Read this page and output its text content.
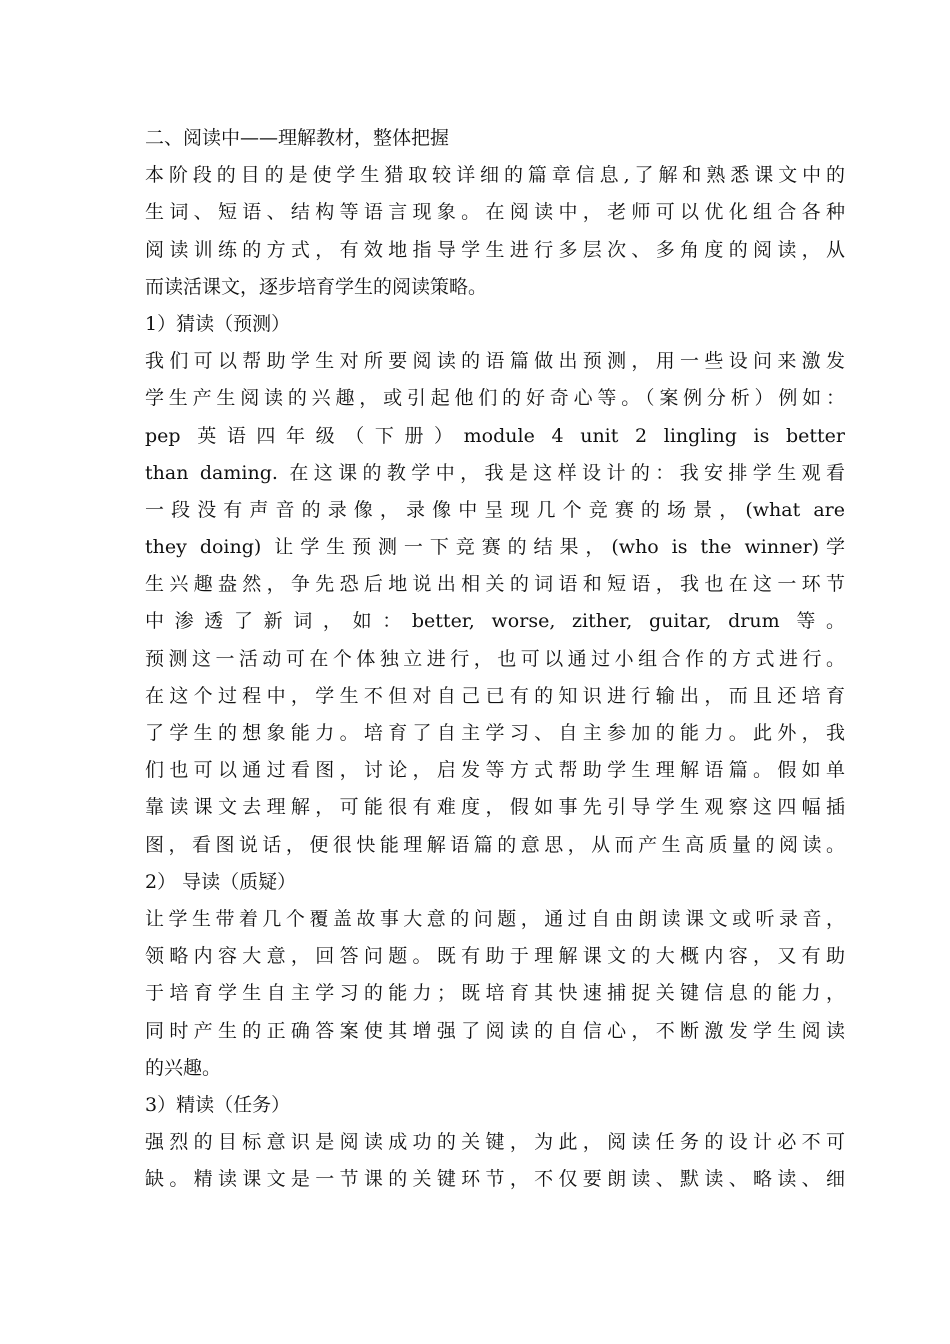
二、阅读中——理解教材，整体把握
本阶段的目的是使学生猎取较详细的篇章信息,了解和熟悉课文中的
生词、短语、结构等语言现象。在阅读中，老师可以优化组合各种
阅读训练的方式，有效地指导学生进行多层次、多角度的阅读，从
而读活课文，逐步培育学生的阅读策略。
1）猜读（预测）
我们可以帮助学生对所要阅读的语篇做出预测，用一些设问来激发
学生产生阅读的兴趣，或引起他们的好奇心等。（案例分析）例如：
pep 英语四年级（下册）module 4 unit 2 lingling is better
than daming. 在这课的教学中，我是这样设计的：我安排学生观看
一段没有声音的录像，录像中呈现几个竞赛的场景，(what are
they doing) 让学生预测一下竞赛的结果，(who is the winner)学
生兴趣盎然，争先恐后地说出相关的词语和短语，我也在这一环节
中渗透了新词，如：better, worse, zither, guitar, drum 等。
预测这一活动可在个体独立进行，也可以通过小组合作的方式进行。
在这个过程中，学生不但对自己已有的知识进行输出，而且还培育
了学生的想象能力。培育了自主学习、自主参加的能力。此外，我
们也可以通过看图，讨论，启发等方式帮助学生理解语篇。假如单
靠读课文去理解，可能很有难度，假如事先引导学生观察这四幅插
图，看图说话，便很快能理解语篇的意思，从而产生高质量的阅读。
2） 导读（质疑）
让学生带着几个覆盖故事大意的问题，通过自由朗读课文或听录音，
领略内容大意，回答问题。既有助于理解课文的大概内容，又有助
于培育学生自主学习的能力；既培育其快速捕捉关键信息的能力，
同时产生的正确答案使其增强了阅读的自信心，不断激发学生阅读
的兴趣。
3）精读（任务）
强烈的目标意识是阅读成功的关键，为此，阅读任务的设计必不可
缺。精读课文是一节课的关键环节，不仅要朗读、默读、略读、细
